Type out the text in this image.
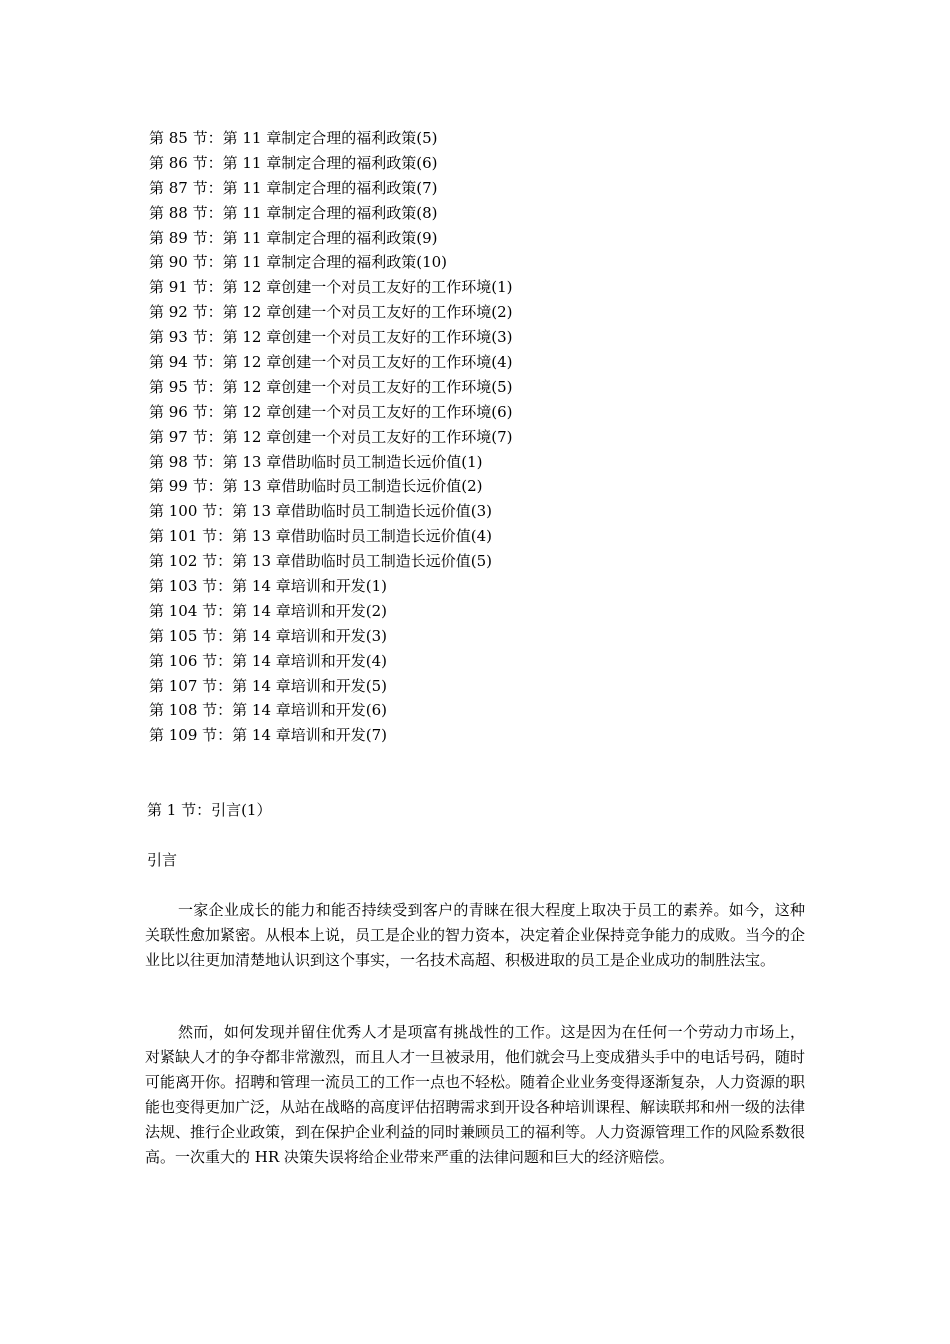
第 85 节：第 11 章制定合理的福利政策(5)
第 86 节：第 11 章制定合理的福利政策(6)
第 87 节：第 11 章制定合理的福利政策(7)
第 88 节：第 11 章制定合理的福利政策(8)
第 89 节：第 11 章制定合理的福利政策(9)
第 90 节：第 11 章制定合理的福利政策(10)
第 91 节：第 12 章创建一个对员工友好的工作环境(1)
第 92 节：第 12 章创建一个对员工友好的工作环境(2)
第 93 节：第 12 章创建一个对员工友好的工作环境(3)
第 94 节：第 12 章创建一个对员工友好的工作环境(4)
第 95 节：第 12 章创建一个对员工友好的工作环境(5)
第 96 节：第 12 章创建一个对员工友好的工作环境(6)
第 97 节：第 12 章创建一个对员工友好的工作环境(7)
第 98 节：第 13 章借助临时员工制造长远价值(1)
第 99 节：第 13 章借助临时员工制造长远价值(2)
第 100 节：第 13 章借助临时员工制造长远价值(3)
第 101 节：第 13 章借助临时员工制造长远价值(4)
第 102 节：第 13 章借助临时员工制造长远价值(5)
第 103 节：第 14 章培训和开发(1)
第 104 节：第 14 章培训和开发(2)
第 105 节：第 14 章培训和开发(3)
第 106 节：第 14 章培训和开发(4)
第 107 节：第 14 章培训和开发(5)
第 108 节：第 14 章培训和开发(6)
第 109 节：第 14 章培训和开发(7)
第 1 节：引言(1）
引言

一家企业成长的能力和能否持续受到客户的青睐在很大程度上取决于员工的素养。如今，这种关联性愈加紧密。从根本上说，员工是企业的智力资本，决定着企业保持竞争能力的成败。当今的企业比以往更加清楚地认识到这个事实，一名技术高超、积极进取的员工是企业成功的制胜法宝。

然而，如何发现并留住优秀人才是项富有挑战性的工作。这是因为在任何一个劳动力市场上，对紧缺人才的争夺都非常激烈，而且人才一旦被录用，他们就会马上变成猎头手中的电话号码，随时可能离开你。招聘和管理一流员工的工作一点也不轻松。随着企业业务变得逐渐复杂，人力资源的职能也变得更加广泛，从站在战略的高度评估招聘需求到开设各种培训课程、解读联邦和州一级的法律法规、推行企业政策，到在保护企业利益的同时兼顾员工的福利等。人力资源管理工作的风险系数很高。一次重大的 HR 决策失误将给企业带来严重的法律问题和巨大的经济赔偿。
